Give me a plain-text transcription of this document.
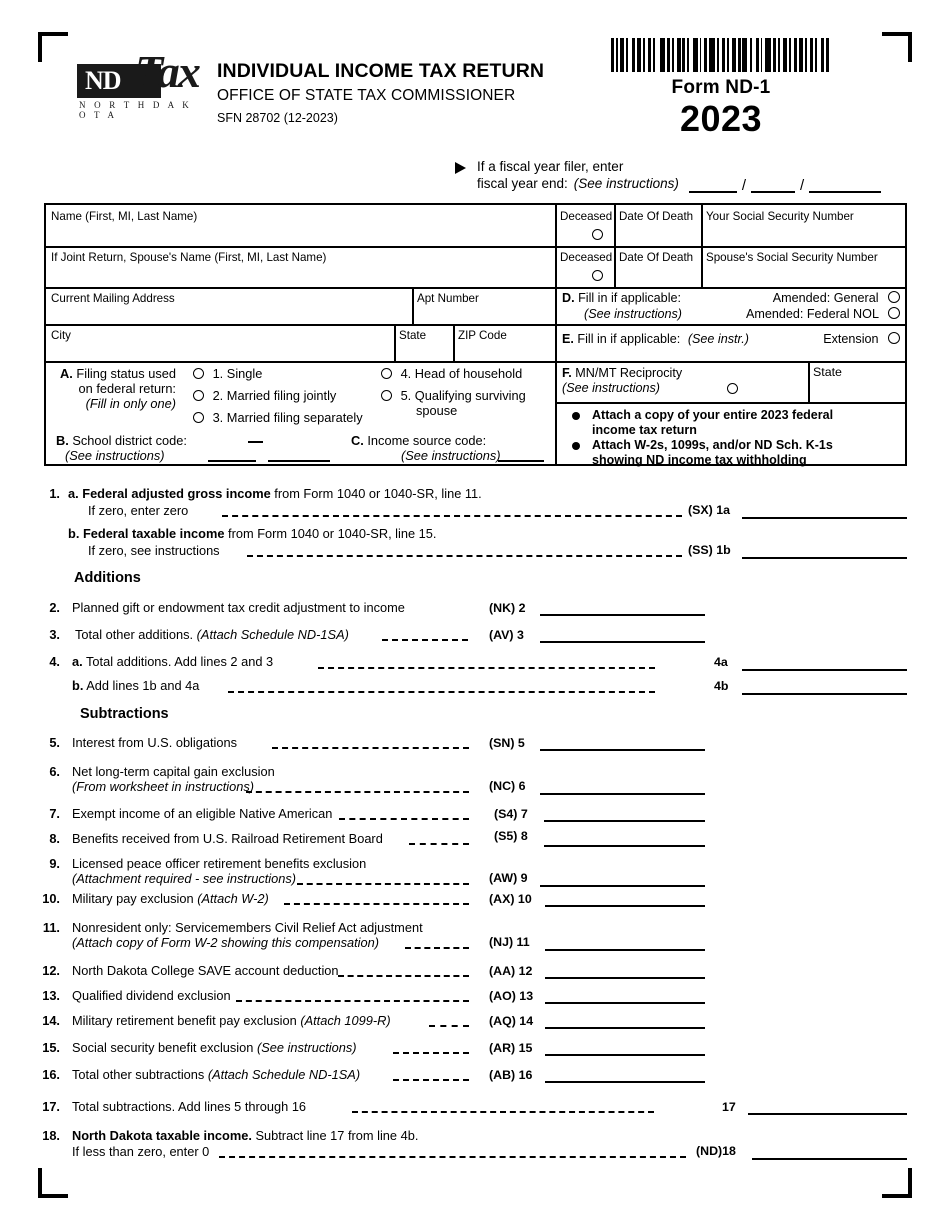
ND Tax
N O R T H D A K O T A
INDIVIDUAL INCOME TAX RETURN
OFFICE OF STATE TAX COMMISSIONER
SFN 28702 (12-2023)
Form ND-1
2023
If a fiscal year filer, enter
fiscal year end: (See instructions)	/	/
Name (First, MI, Last Name)	Deceased Date Of Death Your Social Security Number
If Joint Return, Spouse's Name (First, MI, Last Name)	Deceased Date Of Death Spouse's Social Security Number
Current Mailing Address	Apt Number	D. Fill in if applicable:	Amended: General
(See instructions)	Amended: Federal NOL
City	State	ZIP Code	E. Fill in if applicable: (See instr.)	Extension
A. Filing status used
on federal return:
(Fill in only one)
1. Single
2. Married filing jointly
3. Married filing separately
4. Head of household
5. Qualifying surviving
spouse
B. School district code:
(See instructions)
C. Income source code:
(See instructions)
F. MN/MT Reciprocity
(See instructions)
State
Attach a copy of your entire 2023 federal
income tax return
Attach W-2s, 1099s, and/or ND Sch. K-1s
showing ND income tax withholding
1. a. Federal adjusted gross income from Form 1040 or 1040-SR, line 11.
If zero, enter zero	(SX) 1a
b. Federal taxable income from Form 1040 or 1040-SR, line 15.
If zero, see instructions	(SS) 1b
Additions
2. Planned gift or endowment tax credit adjustment to income	(NK) 2
3. Total other additions. (Attach Schedule ND-1SA)	(AV) 3
4. a. Total additions. Add lines 2 and 3	4a
b. Add lines 1b and 4a	4b
Subtractions
5. Interest from U.S. obligations	(SN) 5
6. Net long-term capital gain exclusion
(From worksheet in instructions)	(NC) 6
7. Exempt income of an eligible Native American	(S4) 7
8. Benefits received from U.S. Railroad Retirement Board	(S5) 8
9. Licensed peace officer retirement benefits exclusion
(Attachment required - see instructions)	(AW) 9
10. Military pay exclusion (Attach W-2)	(AX) 10
11. Nonresident only: Servicemembers Civil Relief Act adjustment
(Attach copy of Form W-2 showing this compensation)	(NJ) 11
12. North Dakota College SAVE account deduction	(AA) 12
13. Qualified dividend exclusion	(AO) 13
14. Military retirement benefit pay exclusion (Attach 1099-R)	(AQ) 14
15. Social security benefit exclusion (See instructions)	(AR) 15
16. Total other subtractions (Attach Schedule ND-1SA)	(AB) 16
17. Total subtractions. Add lines 5 through 16	17
18. North Dakota taxable income. Subtract line 17 from line 4b.
If less than zero, enter 0	(ND)18
